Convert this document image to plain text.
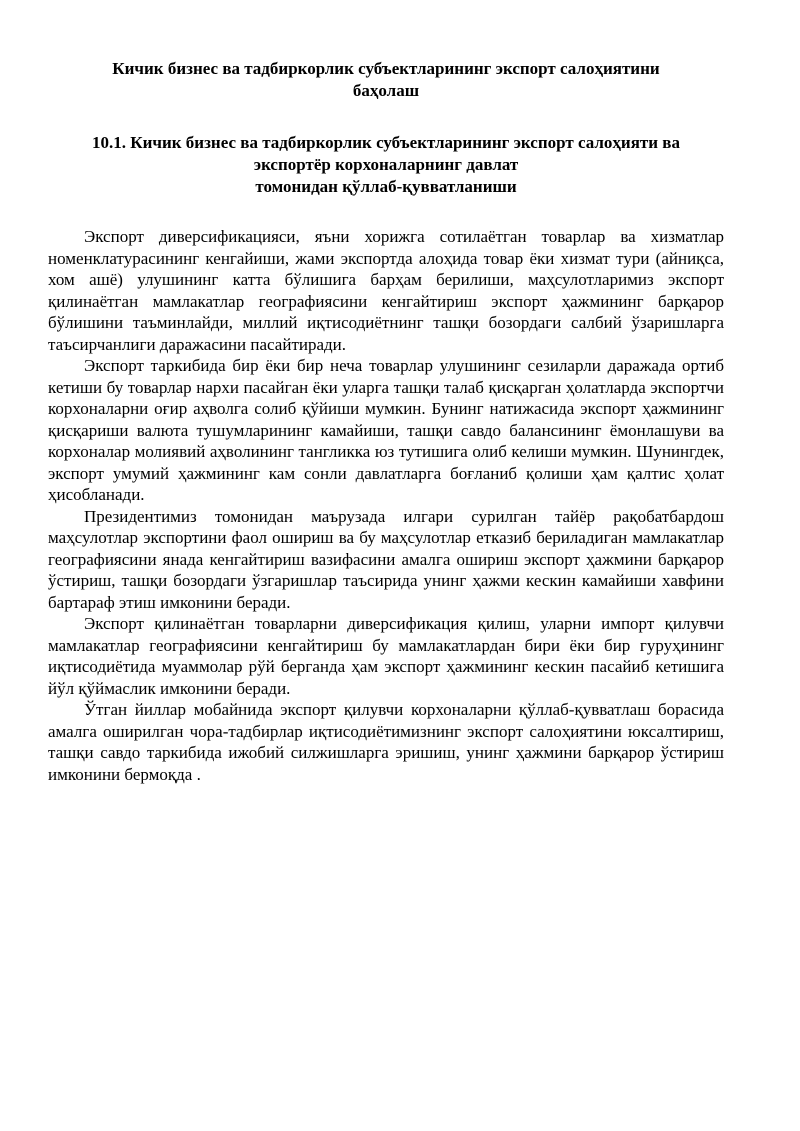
Кичик бизнес ва тадбиркорлик субъектларининг экспорт салоҳиятини
баҳолаш
10.1. Кичик бизнес ва тадбиркорлик субъектларининг экспорт салоҳияти ва
экспортёр корхоналарнинг давлат
томонидан қўллаб-қувватланиши

Экспорт диверсификацияси, яъни хорижга сотилаётган товарлар ва хизматлар номенклатурасининг кенгайиши, жами экспортда алоҳида товар ёки хизмат тури (айниқса, хом ашё) улушининг катта бўлишига барҳам берилиши, маҳсулотларимиз экспорт қилинаётган мамлакатлар географиясини кенгайтириш экспорт ҳажмининг барқарор бўлишини таъминлайди, миллий иқтисодиётнинг ташқи бозордаги салбий ўзаришларга таъсирчанлиги даражасини пасайтиради.

Экспорт таркибида бир ёки бир неча товарлар улушининг сезиларли даражада ортиб кетиши бу товарлар нархи пасайган ёки уларга ташқи талаб қисқарган ҳолатларда экспортчи корхоналарни оғир аҳволга солиб қўйиши мумкин. Бунинг натижасида экспорт ҳажмининг қисқариши валюта тушумларининг камайиши, ташқи савдо балансининг ёмонлашуви ва корхоналар молиявий аҳволининг тангликка юз тутишига олиб келиши мумкин. Шунингдек, экспорт умумий ҳажмининг кам сонли давлатларга боғланиб қолиши ҳам қалтис ҳолат ҳисобланади.

Президентимиз томонидан маърузада илгари сурилган тайёр рақобатбардош маҳсулотлар экспортини фаол ошириш ва бу маҳсулотлар етказиб бериладиган мамлакатлар географиясини янада кенгайтириш вазифасини амалга ошириш экспорт ҳажмини барқарор ўстириш, ташқи бозордаги ўзгаришлар таъсирида унинг ҳажми кескин камайиши хавфини бартараф этиш имконини беради.

Экспорт қилинаётган товарларни диверсификация қилиш, уларни импорт қилувчи мамлакатлар географиясини кенгайтириш бу мамлакатлардан бири ёки бир гуруҳининг иқтисодиётида муаммолар рўй берганда ҳам экспорт ҳажмининг кескин пасайиб кетишига йўл қўймаслик имконини беради.

Ўтган йиллар мобайнида экспорт қилувчи корхоналарни қўллаб-қувватлаш борасида амалга оширилган чора-тадбирлар иқтисодиётимизнинг экспорт салоҳиятини юксалтириш, ташқи савдо таркибида ижобий силжишларга эришиш, унинг ҳажмини барқарор ўстириш имконини бермоқда .
